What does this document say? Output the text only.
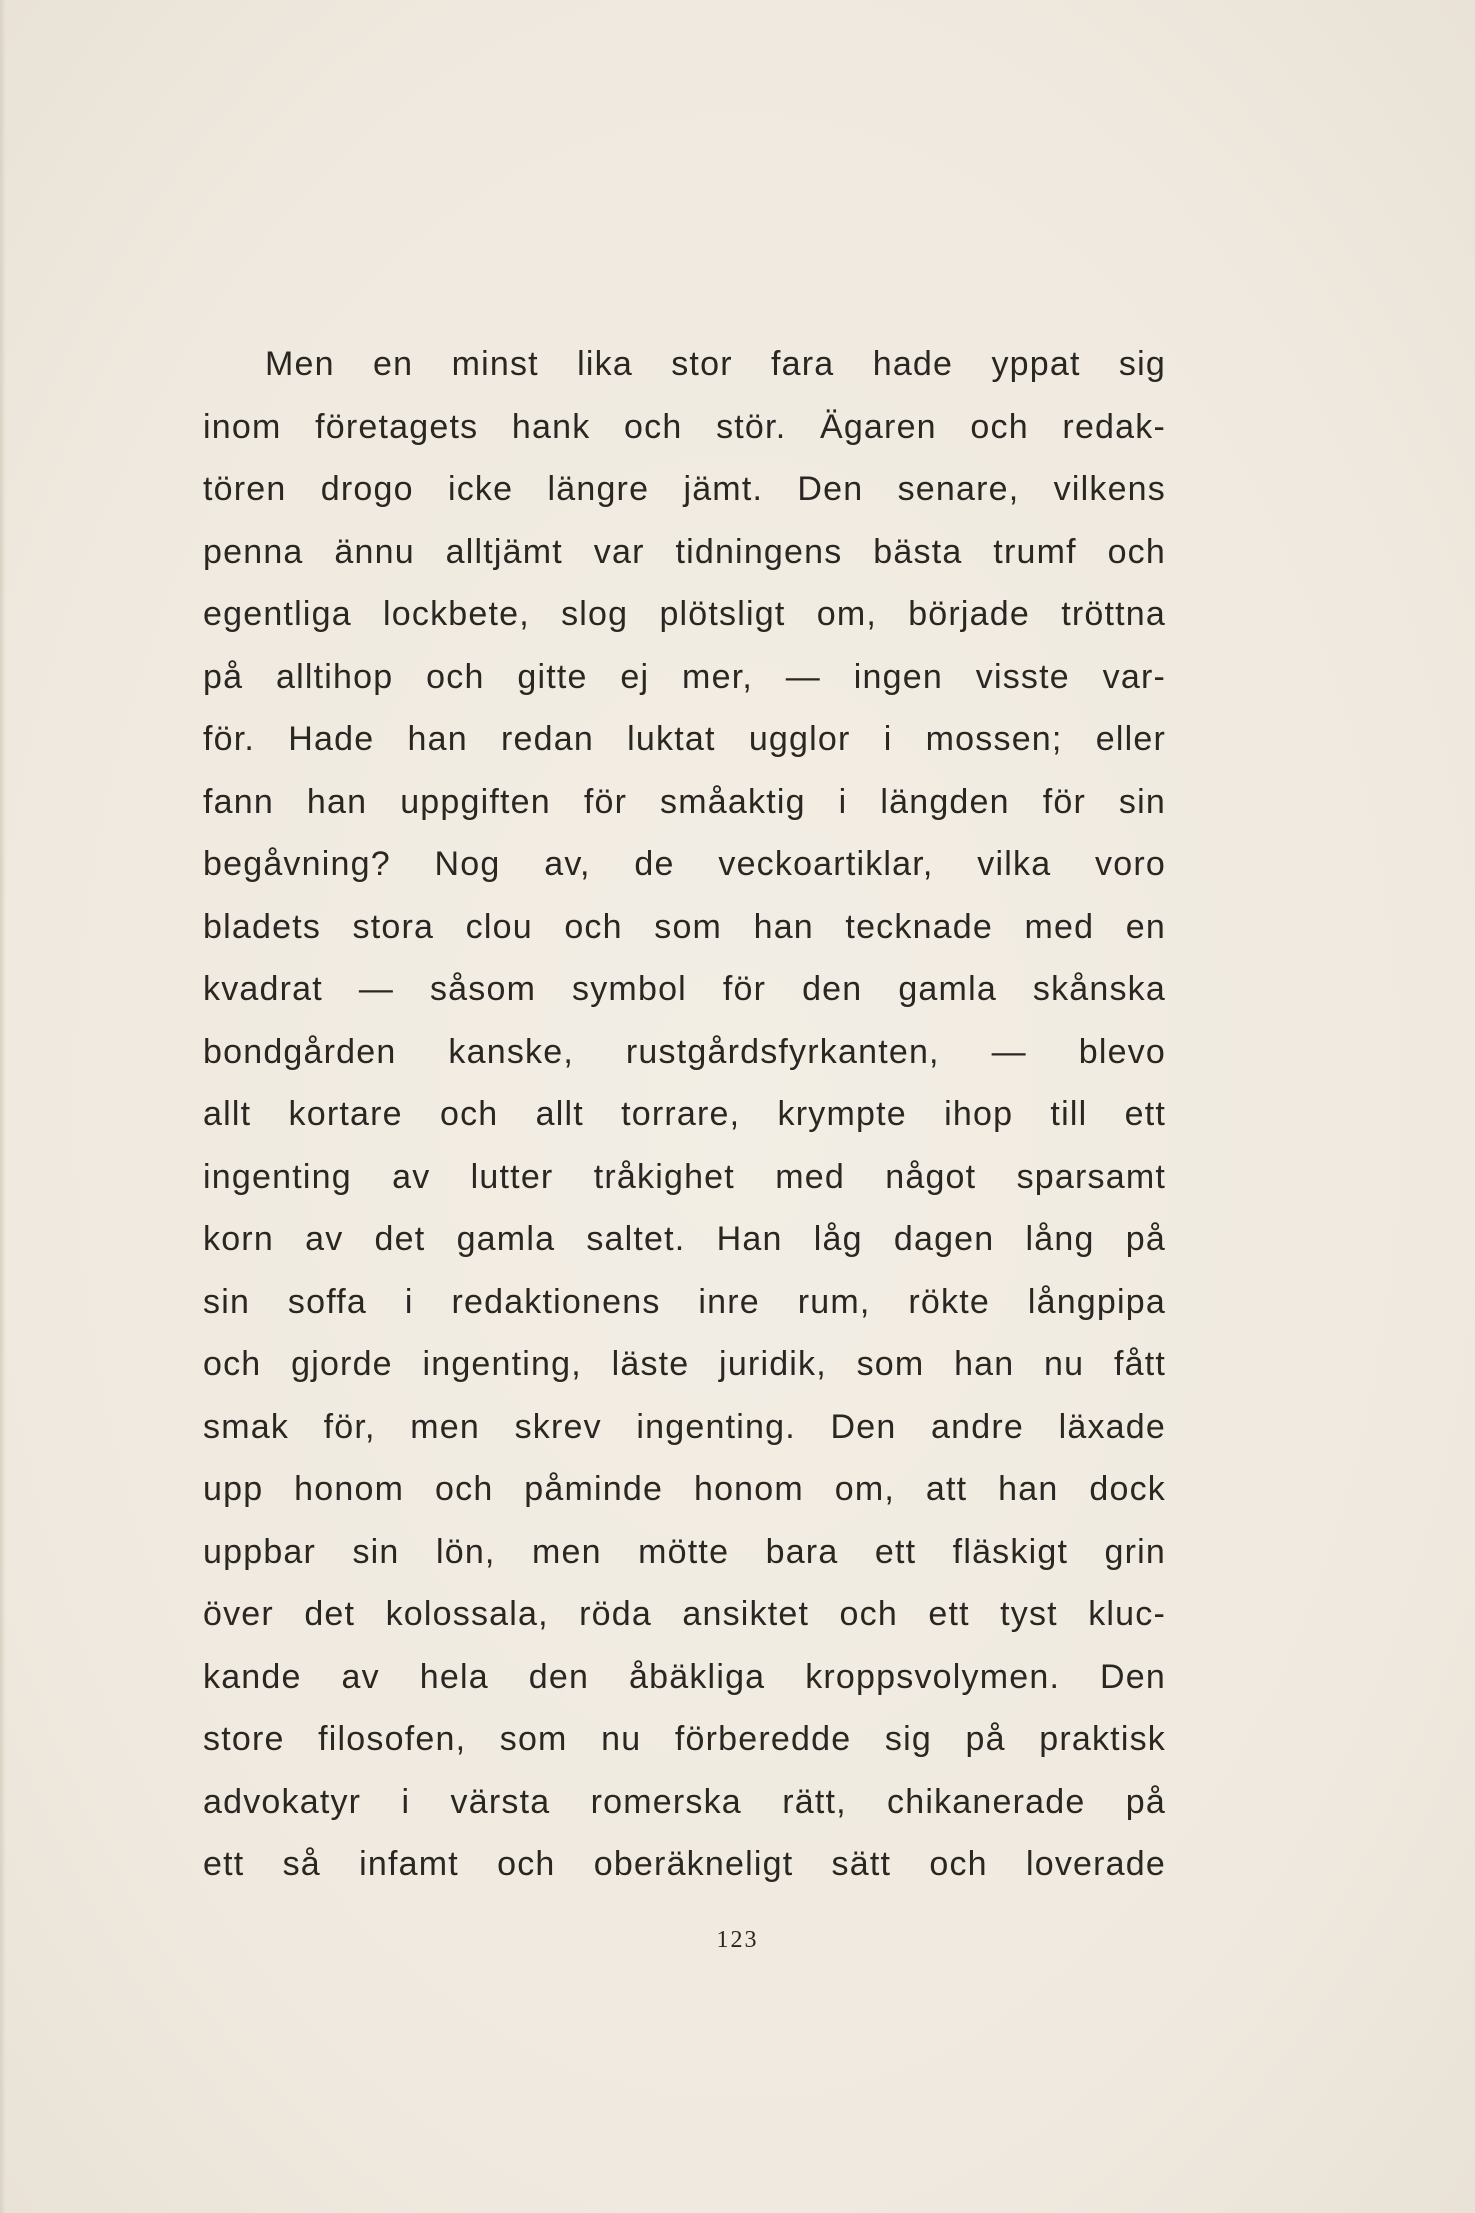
Men en minst lika stor fara hade yppat sig
inom företagets hank och stör. Ägaren och redak-
tören drogo icke längre jämt. Den senare, vilkens
penna ännu alltjämt var tidningens bästa trumf och
egentliga lockbete, slog plötsligt om, började tröttna
på alltihop och gitte ej mer, — ingen visste var-
för. Hade han redan luktat ugglor i mossen; eller
fann han uppgiften för småaktig i längden för sin
begåvning? Nog av, de veckoartiklar, vilka voro
bladets stora clou och som han tecknade med en
kvadrat — såsom symbol för den gamla skånska
bondgården kanske, rustgårdsfyrkanten, — blevo
allt kortare och allt torrare, krympte ihop till ett
ingenting av lutter tråkighet med något sparsamt
korn av det gamla saltet. Han låg dagen lång på
sin soffa i redaktionens inre rum, rökte långpipa
och gjorde ingenting, läste juridik, som han nu fått
smak för, men skrev ingenting. Den andre läxade
upp honom och påminde honom om, att han dock
uppbar sin lön, men mötte bara ett fläskigt grin
över det kolossala, röda ansiktet och ett tyst kluc-
kande av hela den åbäkliga kroppsvolymen. Den
store filosofen, som nu förberedde sig på praktisk
advokatyr i värsta romerska rätt, chikanerade på
ett så infamt och oberäkneligt sätt och loverade
123
